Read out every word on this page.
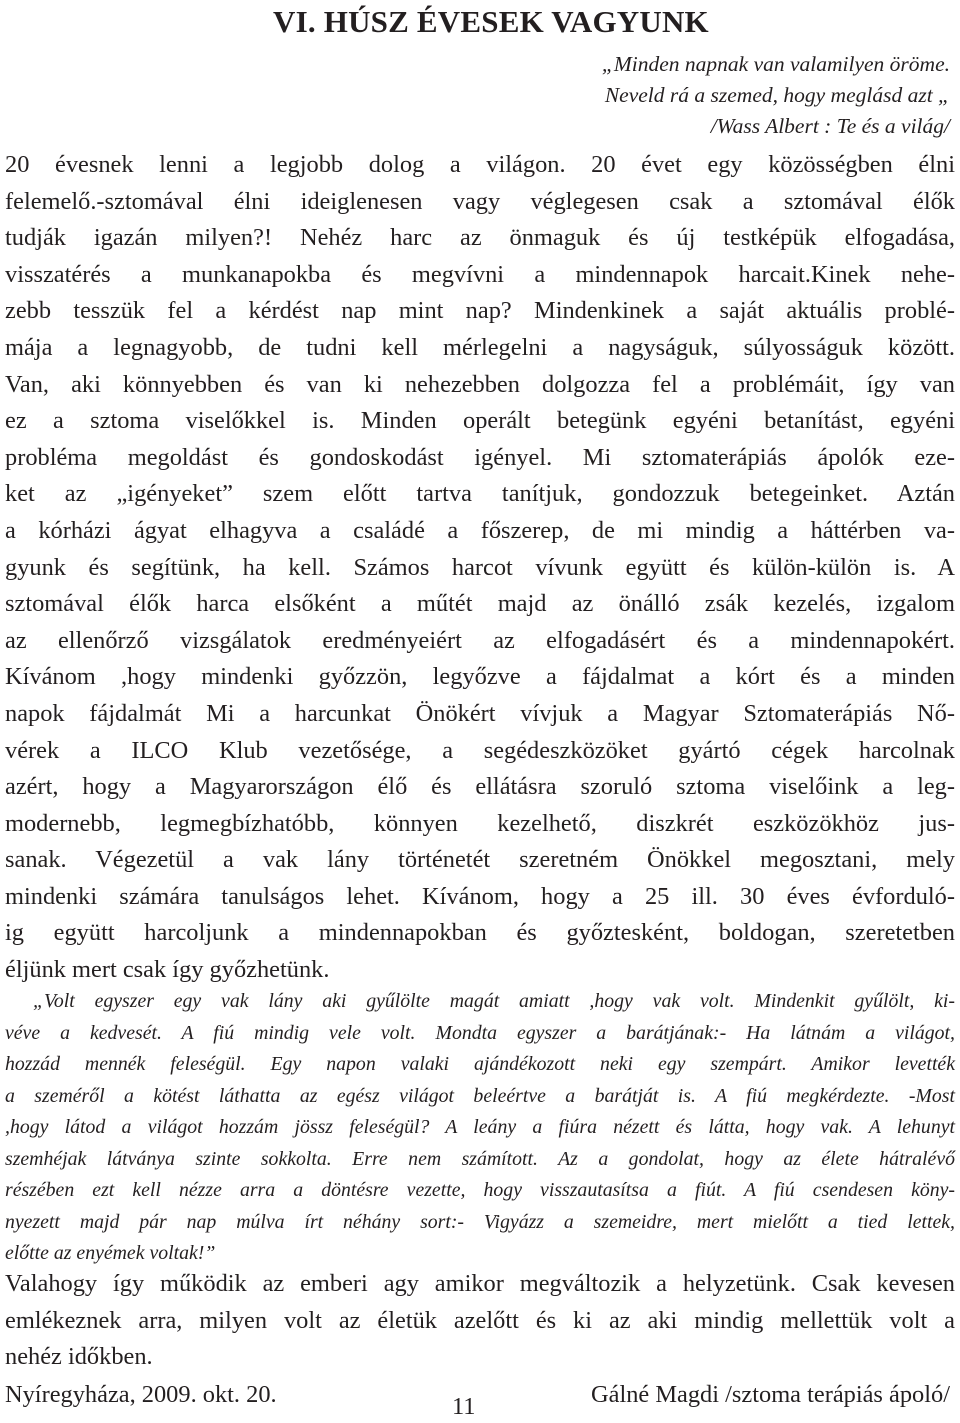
VI. HÚSZ ÉVESEK VAGYUNK
„Minden napnak van valamilyen öröme.
Neveld rá a szemed, hogy meglásd azt „
/Wass Albert : Te és a világ/
20 évesnek lenni a legjobb dolog a világon. 20 évet egy közösségben élni
felemelő.-sztomával élni ideiglenesen vagy véglegesen csak a sztomával élők
tudják igazán milyen?! Nehéz harc az önmaguk és új testképük elfogadása,
visszatérés a munkanapokba és megvívni a mindennapok harcait.Kinek nehe-
zebb tesszük fel a kérdést nap mint nap? Mindenkinek a saját aktuális problé-
mája a legnagyobb, de tudni kell mérlegelni a nagyságuk, súlyosságuk között.
Van, aki könnyebben és van ki nehezebben dolgozza fel a problémáit, így van
ez a sztoma viselőkkel is. Minden operált betegünk egyéni betanítást, egyéni
probléma megoldást és gondoskodást igényel. Mi sztomaterápiás ápolók eze-
ket az „igényeket” szem előtt tartva tanítjuk, gondozzuk betegeinket. Aztán
a kórházi ágyat elhagyva a családé a főszerep, de mi mindig a háttérben va-
gyunk és segítünk, ha kell. Számos harcot vívunk együtt és külön-külön is. A
sztomával élők harca elsőként a műtét majd az önálló zsák kezelés, izgalom
az ellenőrző vizsgálatok eredményeiért az elfogadásért és a mindennapokért.
Kívánom ,hogy mindenki győzzön, legyőzve a fájdalmat a kórt és a minden
napok fájdalmát Mi a harcunkat Önökért vívjuk a Magyar Sztomaterápiás Nő-
vérek a ILCO Klub vezetősége, a segédeszközöket gyártó cégek harcolnak
azért, hogy a Magyarországon élő és ellátásra szoruló sztoma viselőink a leg-
modernebb, legmegbízhatóbb, könnyen kezelhető, diszkrét eszközökhöz jus-
sanak. Végezetül a vak lány történetét szeretném Önökkel megosztani, mely
mindenki számára tanulságos lehet. Kívánom, hogy a 25 ill. 30 éves évforduló-
ig együtt harcoljunk a mindennapokban és győztesként, boldogan, szeretetben
éljünk mert csak így győzhetünk.
„Volt egyszer egy vak lány aki gyűlölte magát amiatt ,hogy vak volt. Mindenkit gyűlölt, ki-
véve a kedvesét. A fiú mindig vele volt. Mondta egyszer a barátjának:- Ha látnám a világot,
hozzád mennék feleségül. Egy napon valaki ajándékozott neki egy szempárt. Amikor levették
a szeméről a kötést láthatta az egész világot beleértve a barátját is. A fiú megkérdezte. -Most
,hogy látod a világot hozzám jössz feleségül? A leány a fiúra nézett és látta, hogy vak. A lehunyt
szemhéjak látványa szinte sokkolta. Erre nem számított. Az a gondolat, hogy az élete hátralévő
részében ezt kell nézze arra a döntésre vezette, hogy visszautasítsa a fiút. A fiú csendesen köny-
nyezett majd pár nap múlva írt néhány sort:- Vigyázz a szemeidre, mert mielőtt a tied lettek,
előtte az enyémek voltak!”
Valahogy így működik az emberi agy amikor megváltozik a helyzetünk. Csak kevesen
emlékeznek arra, milyen volt az életük azelőtt és ki az aki mindig mellettük volt a
nehéz időkben.
Nyíregyháza, 2009. okt. 20.	11	Gálné Magdi /sztoma terápiás ápoló/
